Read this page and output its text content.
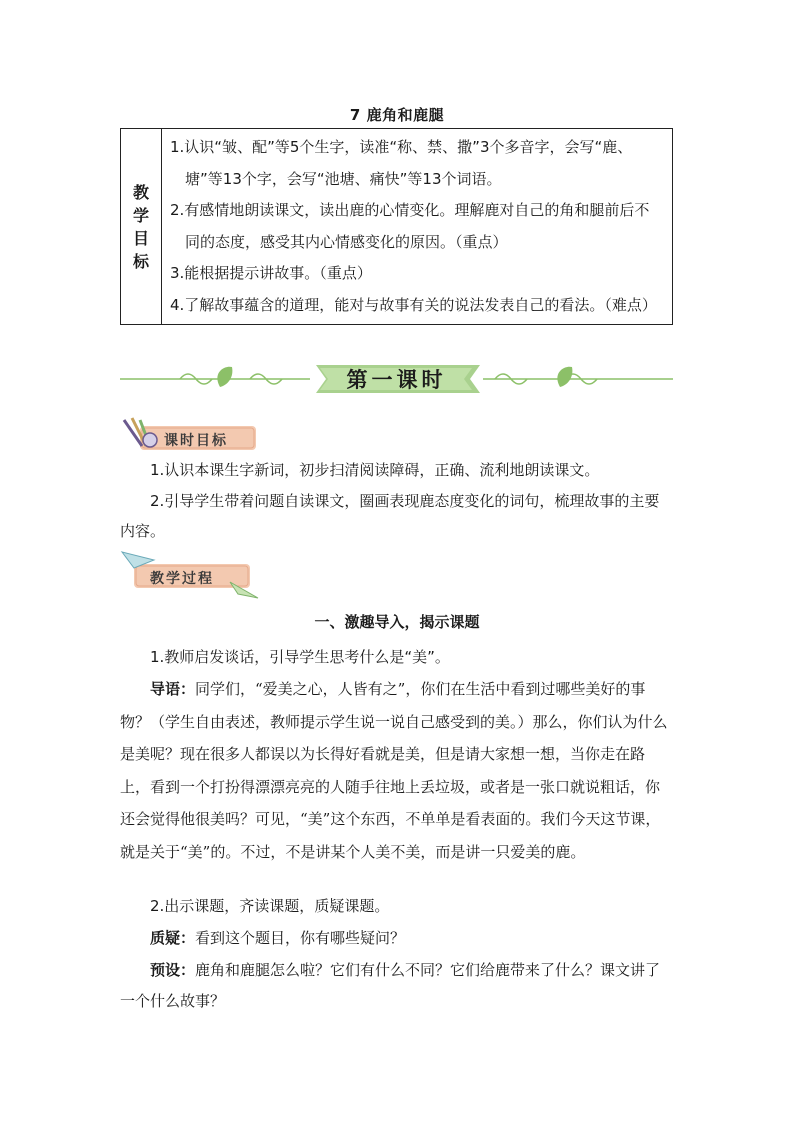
7 鹿角和鹿腿
教
学
目
标

1.认识“皱、配”等5个生字，读准“称、禁、撒”3个多音字，会写“鹿、塘”等13个字，会写“池塘、痛快”等13个词语。
2.有感情地朗读课文，读出鹿的心情变化。理解鹿对自己的角和腿前后不同的态度，感受其内心情感变化的原因。（重点）
3.能根据提示讲故事。（重点）
4.了解故事蕴含的道理，能对与故事有关的说法发表自己的看法。（难点）
第一课时
课时目标

1.认识本课生字新词，初步扫清阅读障碍，正确、流利地朗读课文。

2.引导学生带着问题自读课文，圈画表现鹿态度变化的词句，梳理故事的主要内容。

教学过程
一、激趣导入，揭示课题

1.教师启发谈话，引导学生思考什么是“美”。

导语：同学们，“爱美之心，人皆有之”，你们在生活中看到过哪些美好的事物？（学生自由表述，教师提示学生说一说自己感受到的美。）那么，你们认为什么是美呢？现在很多人都误以为长得好看就是美，但是请大家想一想，当你走在路上，看到一个打扮得漂漂亮亮的人随手往地上丢垃圾，或者是一张口就说粗话，你还会觉得他很美吗？可见，“美”这个东西，不单单是看表面的。我们今天这节课，就是关于“美”的。不过，不是讲某个人美不美，而是讲一只爱美的鹿。

2.出示课题，齐读课题，质疑课题。

质疑：看到这个题目，你有哪些疑问？

预设：鹿角和鹿腿怎么啦？它们有什么不同？它们给鹿带来了什么？课文讲了一个什么故事？
